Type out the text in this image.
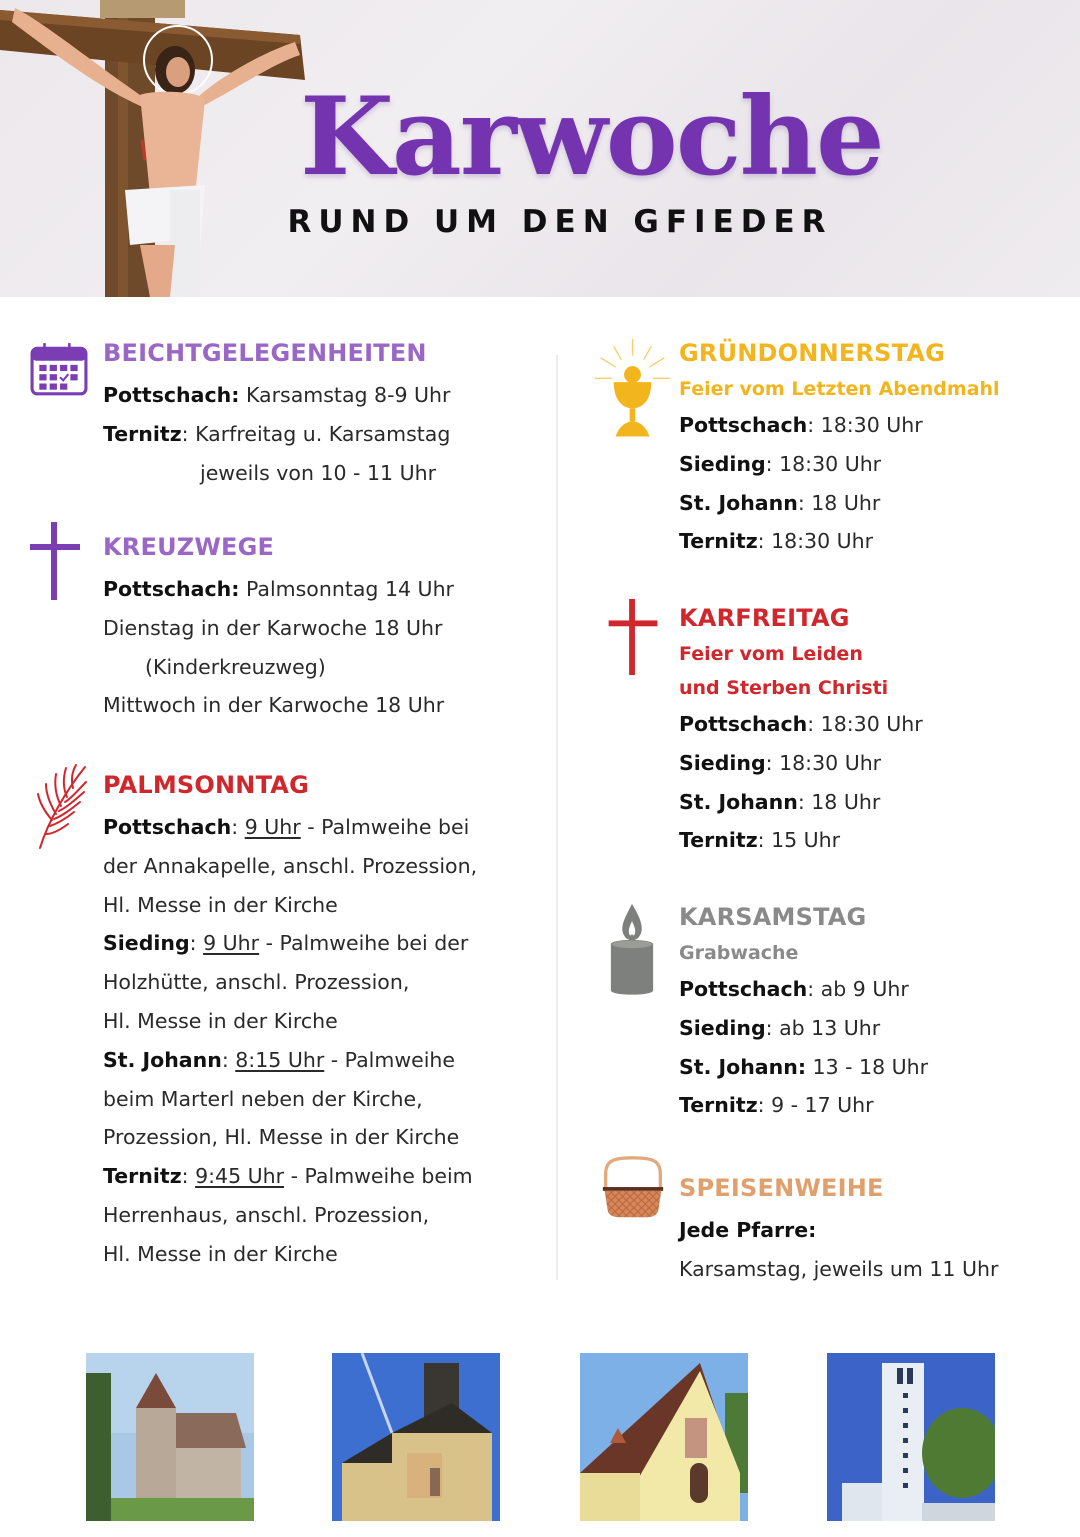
Karwoche
RUND UM DEN GFIEDER
BEICHTGELEGENHEITEN
Pottschach: Karsamstag 8-9 Uhr
Ternitz: Karfreitag u. Karsamstag
jeweils von 10 - 11 Uhr
KREUZWEGE
Pottschach: Palmsonntag 14 Uhr
Dienstag in der Karwoche 18 Uhr
(Kinderkreuzweg)
Mittwoch in der Karwoche 18 Uhr
PALMSONNTAG
Pottschach: 9 Uhr - Palmweihe bei
der Annakapelle, anschl. Prozession,
Hl. Messe in der Kirche
Sieding: 9 Uhr - Palmweihe bei der
Holzhütte, anschl. Prozession,
Hl. Messe in der Kirche
St. Johann: 8:15 Uhr - Palmweihe
beim Marterl neben der Kirche,
Prozession, Hl. Messe in der Kirche
Ternitz: 9:45 Uhr - Palmweihe beim
Herrenhaus, anschl. Prozession,
Hl. Messe in der Kirche
GRÜNDONNERSTAG
Feier vom Letzten Abendmahl
Pottschach: 18:30 Uhr
Sieding: 18:30 Uhr
St. Johann: 18 Uhr
Ternitz: 18:30 Uhr
KARFREITAG
Feier vom Leiden
und Sterben Christi
Pottschach: 18:30 Uhr
Sieding: 18:30 Uhr
St. Johann: 18 Uhr
Ternitz: 15 Uhr
KARSAMSTAG
Grabwache
Pottschach: ab 9 Uhr
Sieding: ab 13 Uhr
St. Johann: 13 - 18 Uhr
Ternitz: 9 - 17 Uhr
SPEISENWEIHE
Jede Pfarre:
Karsamstag, jeweils um 11 Uhr
